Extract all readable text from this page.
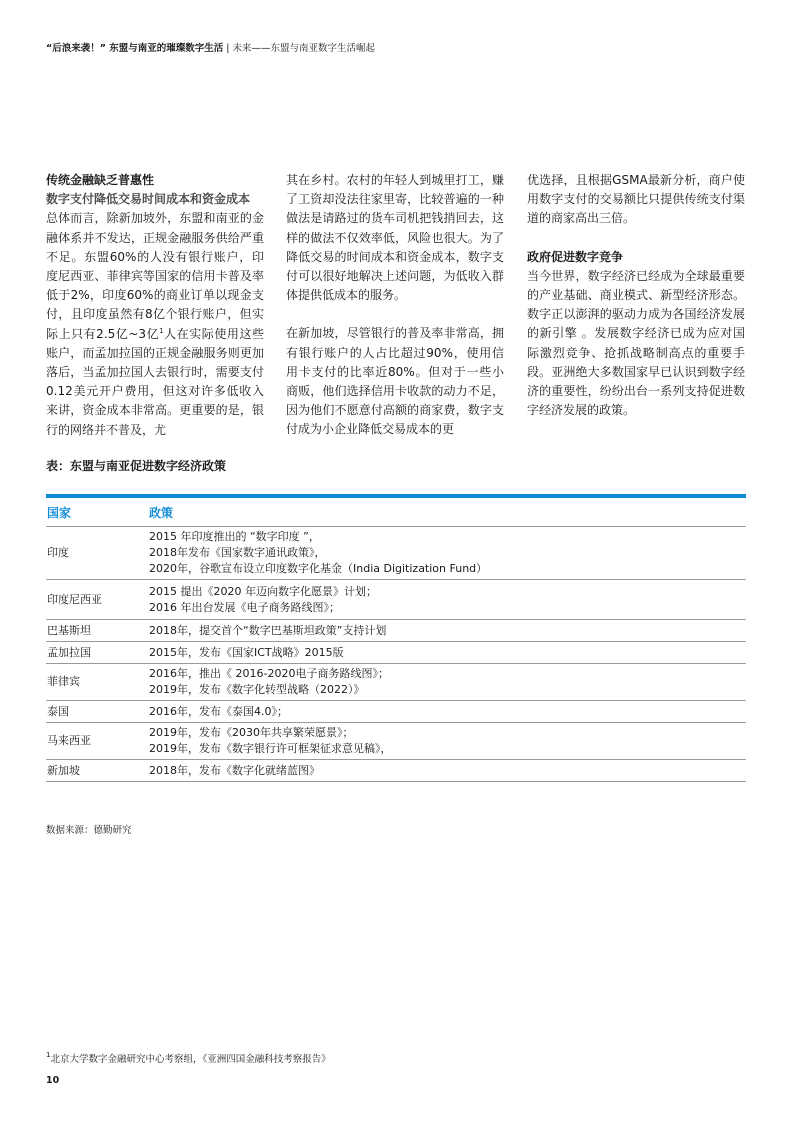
“后浪来袭！” 东盟与南亚的璀璨数字生活 | 未来——东盟与南亚数字生活崛起

传统金融缺乏普惠性

数字支付降低交易时间成本和资金成本

总体而言，除新加坡外，东盟和南亚的金融体系并不发达，正规金融服务供给严重不足。东盟60%的人没有银行账户，印度尼西亚、菲律宾等国家的信用卡普及率低于2%，印度60%的商业订单以现金支付，且印度虽然有8亿个银行账户，但实际上只有2.5亿~3亿$^1$人在实际使用这些账户，而孟加拉国的正规金融服务则更加落后，当孟加拉国人去银行时，需要支付0.12美元开户费用，但这对许多低收入来讲，资金成本非常高。更重要的是，银行的网络并不普及，尤

其在乡村。农村的年轻人到城里打工，赚了工资却没法往家里寄，比较普遍的一种做法是请路过的货车司机把钱捎回去，这样的做法不仅效率低，风险也很大。为了降低交易的时间成本和资金成本，数字支付可以很好地解决上述问题，为低收入群体提供低成本的服务。

在新加坡，尽管银行的普及率非常高，拥有银行账户的人占比超过90%，使用信用卡支付的比率近80%。但对于一些小商贩，他们选择信用卡收款的动力不足，因为他们不愿意付高额的商家费，数字支付成为小企业降低交易成本的更

优选择，且根据GSMA最新分析，商户使用数字支付的交易额比只提供传统支付渠道的商家高出三倍。

政府促进数字竞争

当今世界，数字经济已经成为全球最重要的产业基础、商业模式、新型经济形态。数字正以澎湃的驱动力成为各国经济发展的新引擎 。发展数字经济已成为应对国际激烈竞争、抢抓战略制高点的重要手段。亚洲绝大多数国家早已认识到数字经济的重要性，纷纷出台一系列支持促进数字经济发展的政策。

表：东盟与南亚促进数字经济政策
国家	政策
印度	2015 年印度推出的 “数字印度 ”，
2018年发布《国家数字通讯政策》，
2020年，谷歌宣布设立印度数字化基金（India Digitization Fund）

印度尼西亚	2015 提出《2020 年迈向数字化愿景》计划；
2016 年出台发展《电子商务路线图》；

巴基斯坦	2018年，提交首个“数字巴基斯坦政策”支持计划

孟加拉国	2015年，发布《国家ICT战略》2015版

菲律宾	2016年，推出《 2016-2020电子商务路线图》；
2019年，发布《数字化转型战略（2022）》

泰国	2016年，发布《泰国4.0》；

马来西亚	2019年，发布《2030年共享繁荣愿景》；
2019年，发布《数字银行许可框架征求意见稿》，

新加坡	2018年，发布《数字化就绪蓝图》
数据来源：德勤研究
$^1$北京大学数字金融研究中心考察组，《亚洲四国金融科技考察报告》
10
